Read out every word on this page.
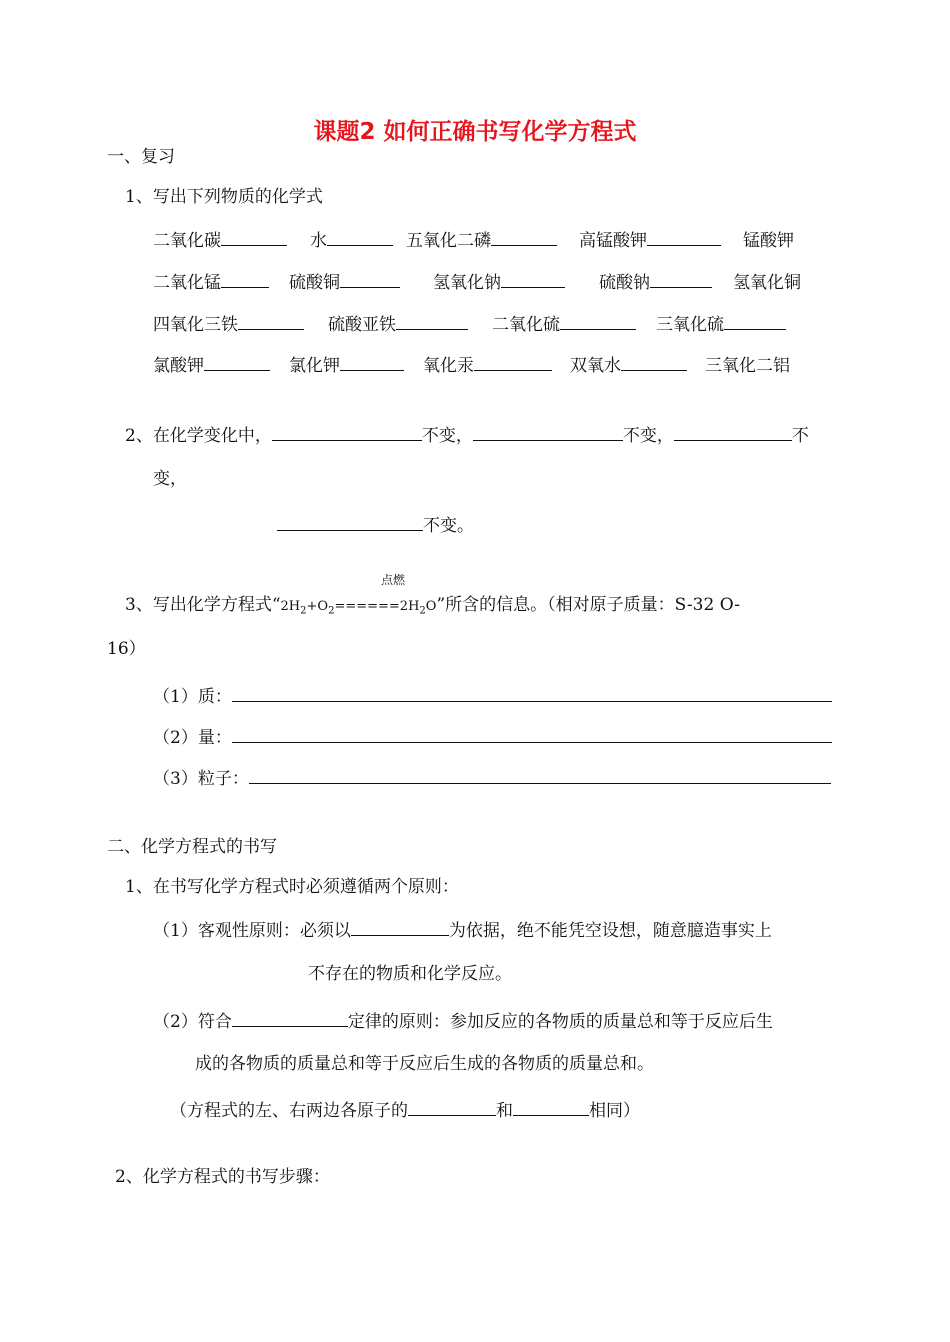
课题2 如何正确书写化学方程式
一、复习
1、写出下列物质的化学式
二氧化碳	水	五氧化二磷	高锰酸钾	锰酸钾
二氧化锰	硫酸铜	氢氧化钠	硫酸钠	氢氧化铜
四氧化三铁	硫酸亚铁	二氧化硫	三氧化硫
氯酸钾	氯化钾	氧化汞	双氧水	三氧化二铝
2、在化学变化中，	不变，	不变，	不
变，
不变。
点燃
3、写出化学方程式“$2H_2+O_2======2H_2O$”所含的信息。（相对原子质量：S-32 O-
16）
（1）质：
（2）量：
（3）粒子：
二、化学方程式的书写
1、在书写化学方程式时必须遵循两个原则：
（1）客观性原则：必须以	为依据，绝不能凭空设想，随意臆造事实上
不存在的物质和化学反应。
（2）符合	定律的原则：参加反应的各物质的质量总和等于反应后生
成的各物质的质量总和等于反应后生成的各物质的质量总和。
（方程式的左、右两边各原子的	和	相同）
2、化学方程式的书写步骤：
